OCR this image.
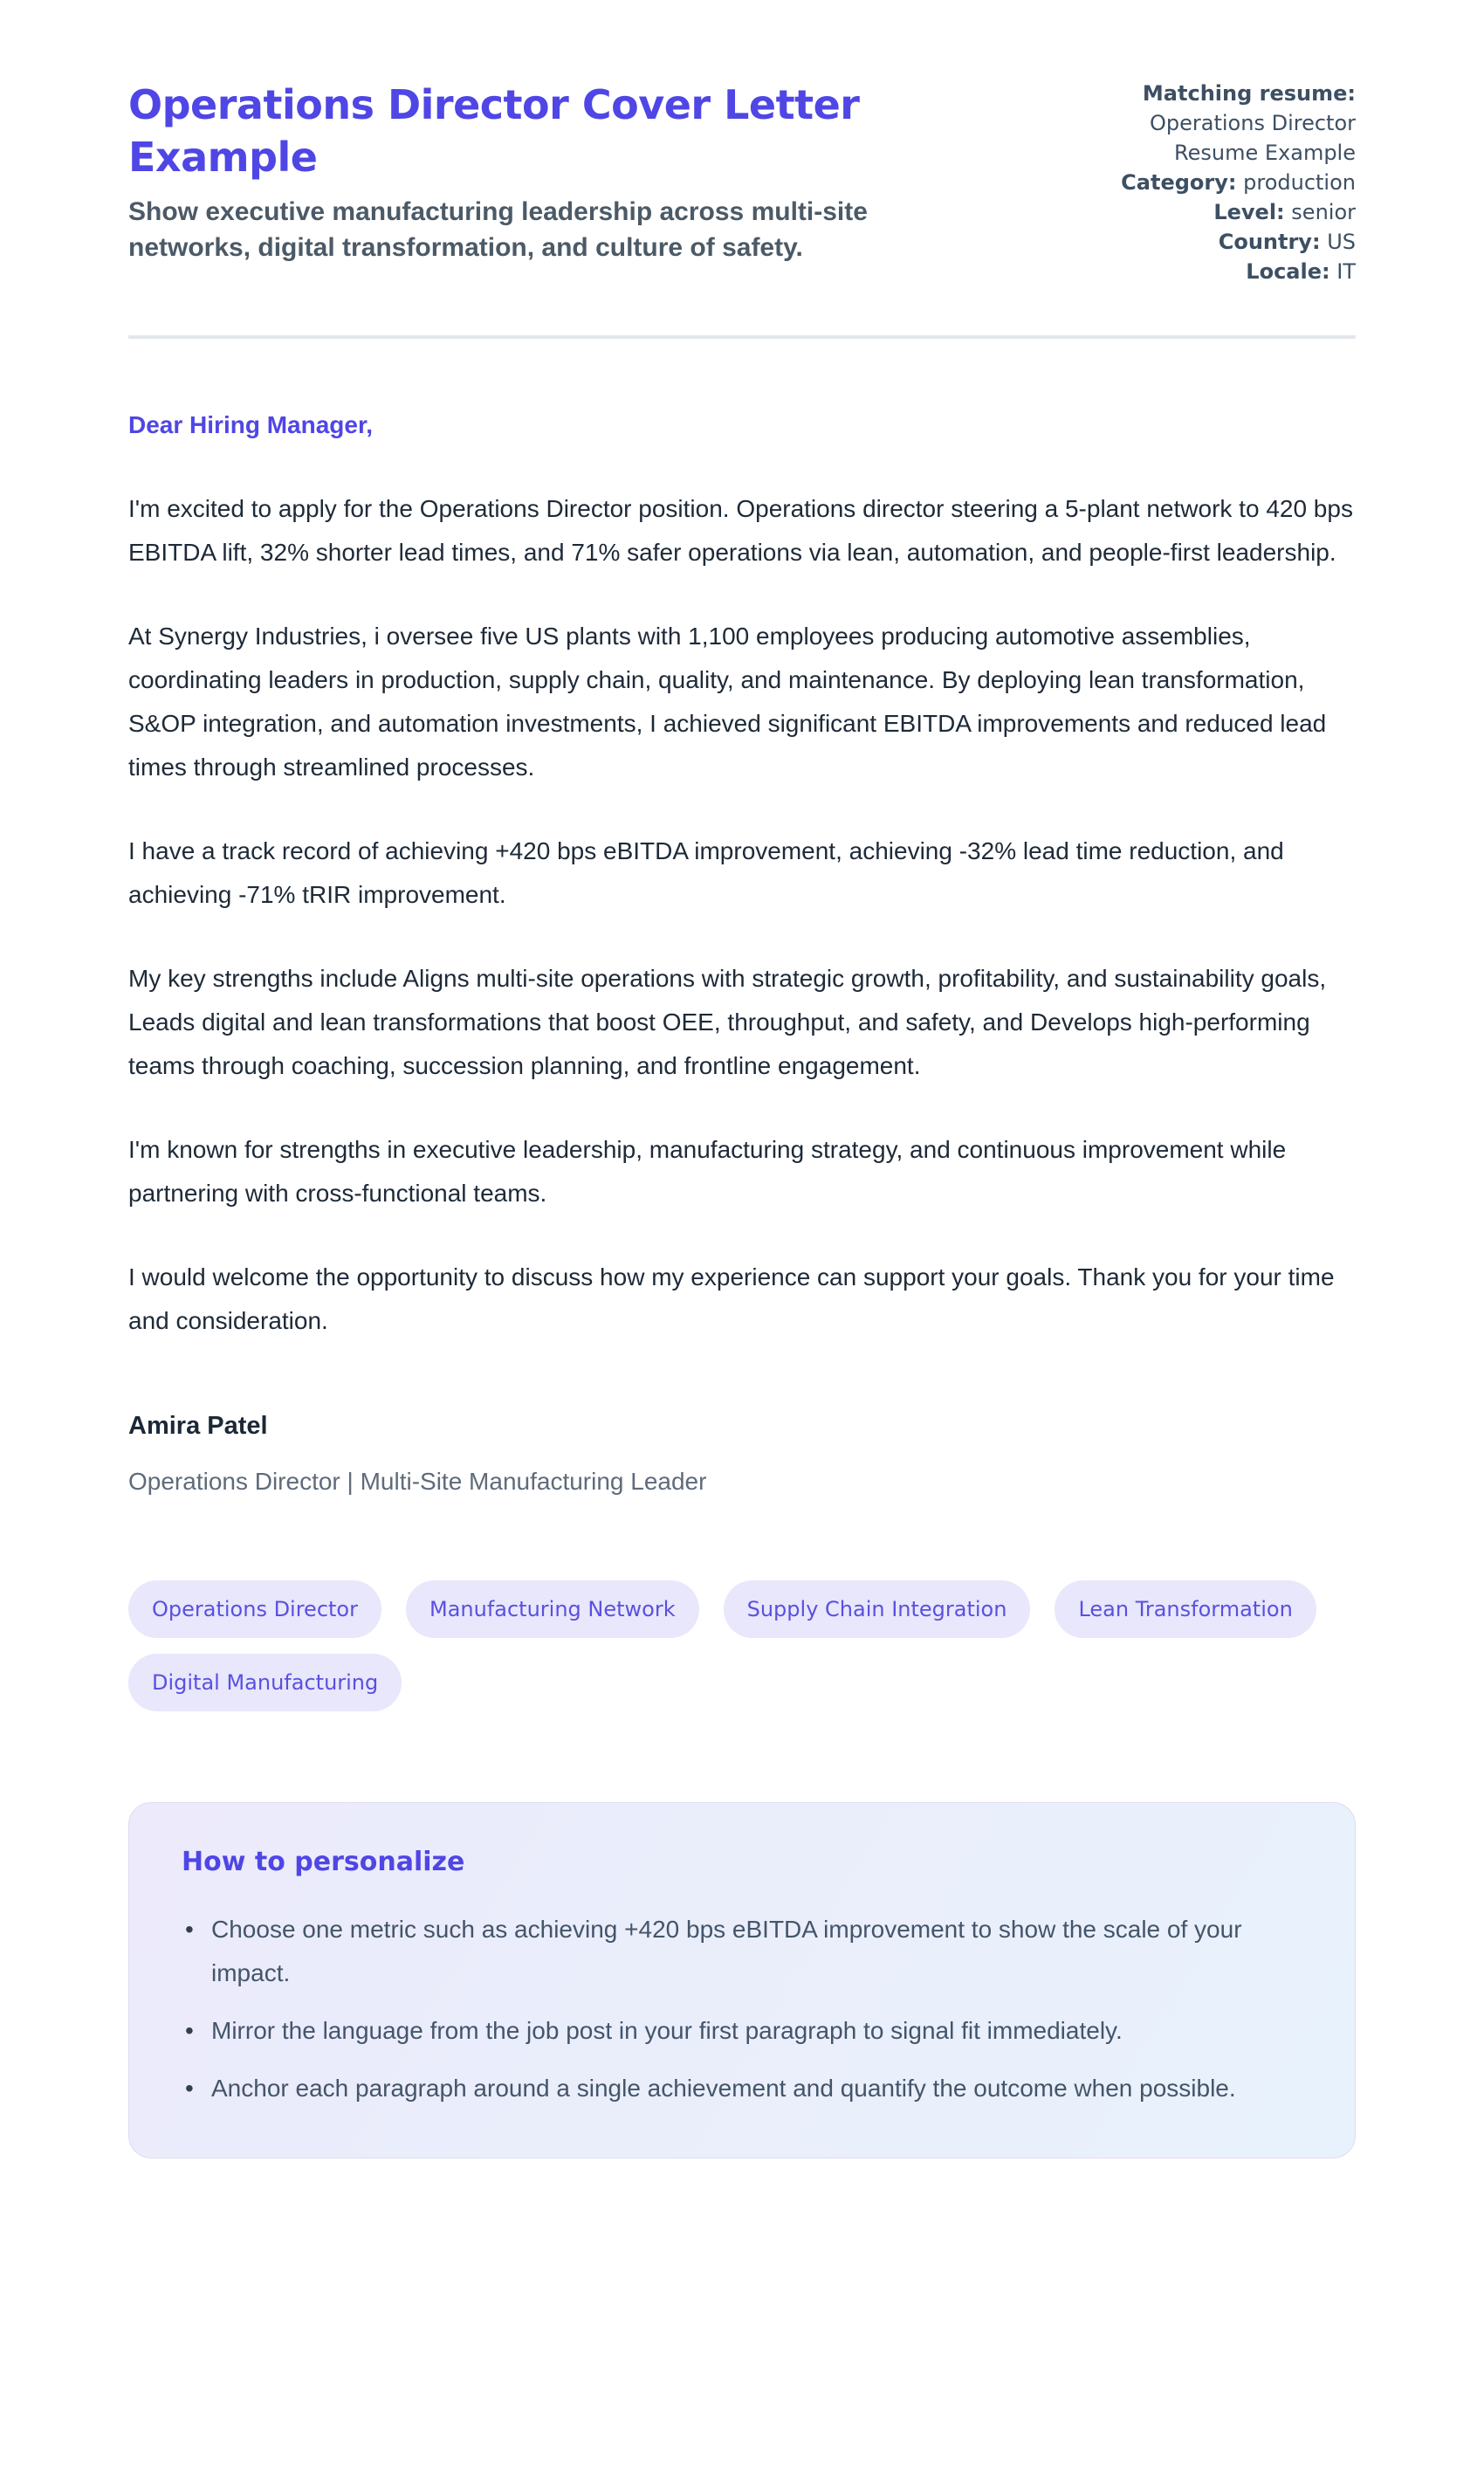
Operations Director Cover Letter Example
Show executive manufacturing leadership across multi-site networks, digital transformation, and culture of safety.
Matching resume: Operations Director Resume Example
Category: production
Level: senior
Country: US
Locale: IT
Dear Hiring Manager,

I'm excited to apply for the Operations Director position. Operations director steering a 5-plant network to 420 bps EBITDA lift, 32% shorter lead times, and 71% safer operations via lean, automation, and people-first leadership.

At Synergy Industries, i oversee five US plants with 1,100 employees producing automotive assemblies, coordinating leaders in production, supply chain, quality, and maintenance. By deploying lean transformation, S&OP integration, and automation investments, I achieved significant EBITDA improvements and reduced lead times through streamlined processes.

I have a track record of achieving +420 bps eBITDA improvement, achieving -32% lead time reduction, and achieving -71% tRIR improvement.

My key strengths include Aligns multi-site operations with strategic growth, profitability, and sustainability goals, Leads digital and lean transformations that boost OEE, throughput, and safety, and Develops high-performing teams through coaching, succession planning, and frontline engagement.

I'm known for strengths in executive leadership, manufacturing strategy, and continuous improvement while partnering with cross-functional teams.

I would welcome the opportunity to discuss how my experience can support your goals. Thank you for your time and consideration.

Amira Patel
Operations Director | Multi-Site Manufacturing Leader
Operations Director	Manufacturing Network	Supply Chain Integration	Lean Transformation
Digital Manufacturing
How to personalize
• Choose one metric such as achieving +420 bps eBITDA improvement to show the scale of your impact.
• Mirror the language from the job post in your first paragraph to signal fit immediately.
• Anchor each paragraph around a single achievement and quantify the outcome when possible.
